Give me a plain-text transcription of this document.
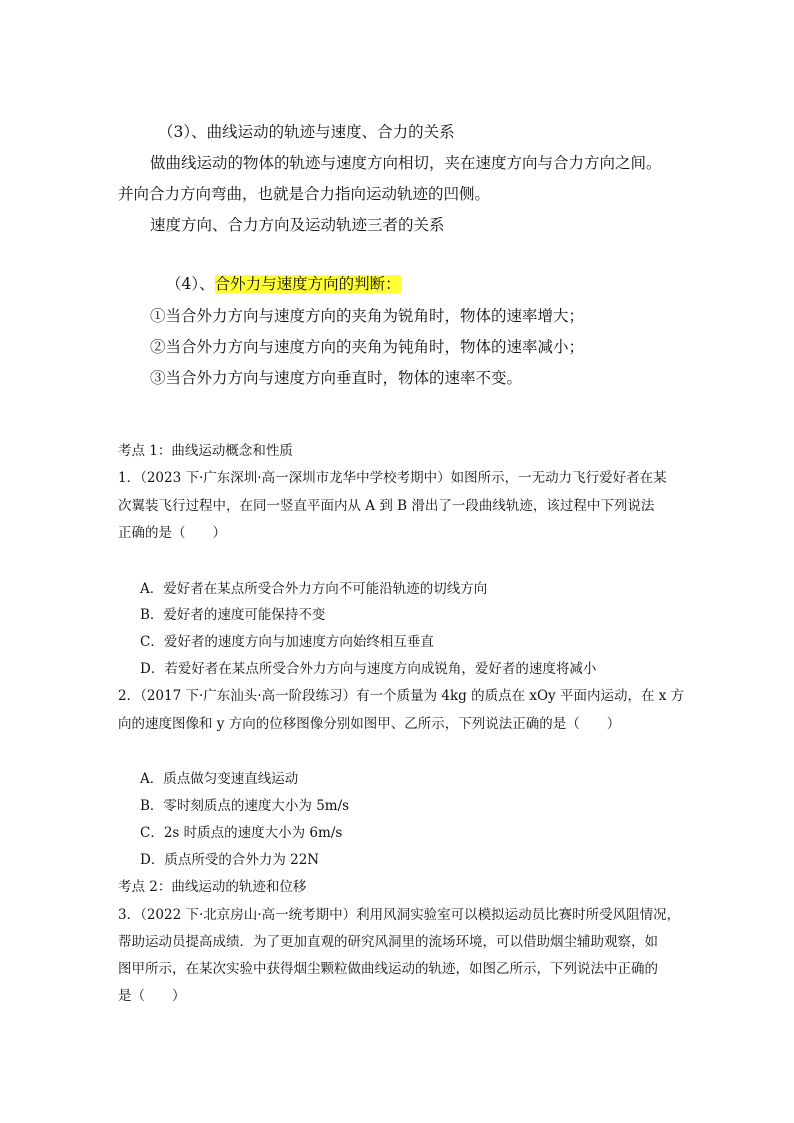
（3）、曲线运动的轨迹与速度、合力的关系
做曲线运动的物体的轨迹与速度方向相切，夹在速度方向与合力方向之间。
并向合力方向弯曲，也就是合力指向运动轨迹的凹侧。
速度方向、合力方向及运动轨迹三者的关系
（4）、合外力与速度方向的判断：
①当合外力方向与速度方向的夹角为锐角时，物体的速率增大；
②当合外力方向与速度方向的夹角为钝角时，物体的速率减小；
③当合外力方向与速度方向垂直时，物体的速率不变。
考点 1：曲线运动概念和性质
1．（2023 下·广东深圳·高一深圳市龙华中学校考期中）如图所示，一无动力飞行爱好者在某
次翼装飞行过程中，在同一竖直平面内从 A 到 B 滑出了一段曲线轨迹，该过程中下列说法
正确的是（　　）
A．爱好者在某点所受合外力方向不可能沿轨迹的切线方向
B．爱好者的速度可能保持不变
C．爱好者的速度方向与加速度方向始终相互垂直
D．若爱好者在某点所受合外力方向与速度方向成锐角，爱好者的速度将减小
2．（2017 下·广东汕头·高一阶段练习）有一个质量为 4kg 的质点在 xOy 平面内运动，在 x 方
向的速度图像和 y 方向的位移图像分别如图甲、乙所示，下列说法正确的是（　　）
A．质点做匀变速直线运动
B．零时刻质点的速度大小为 5m/s
C．2s 时质点的速度大小为 6m/s
D．质点所受的合外力为 22N
考点 2：曲线运动的轨迹和位移
3．（2022 下·北京房山·高一统考期中）利用风洞实验室可以模拟运动员比赛时所受风阻情况，
帮助运动员提高成绩．为了更加直观的研究风洞里的流场环境，可以借助烟尘辅助观察，如
图甲所示，在某次实验中获得烟尘颗粒做曲线运动的轨迹，如图乙所示，下列说法中正确的
是（　　）
